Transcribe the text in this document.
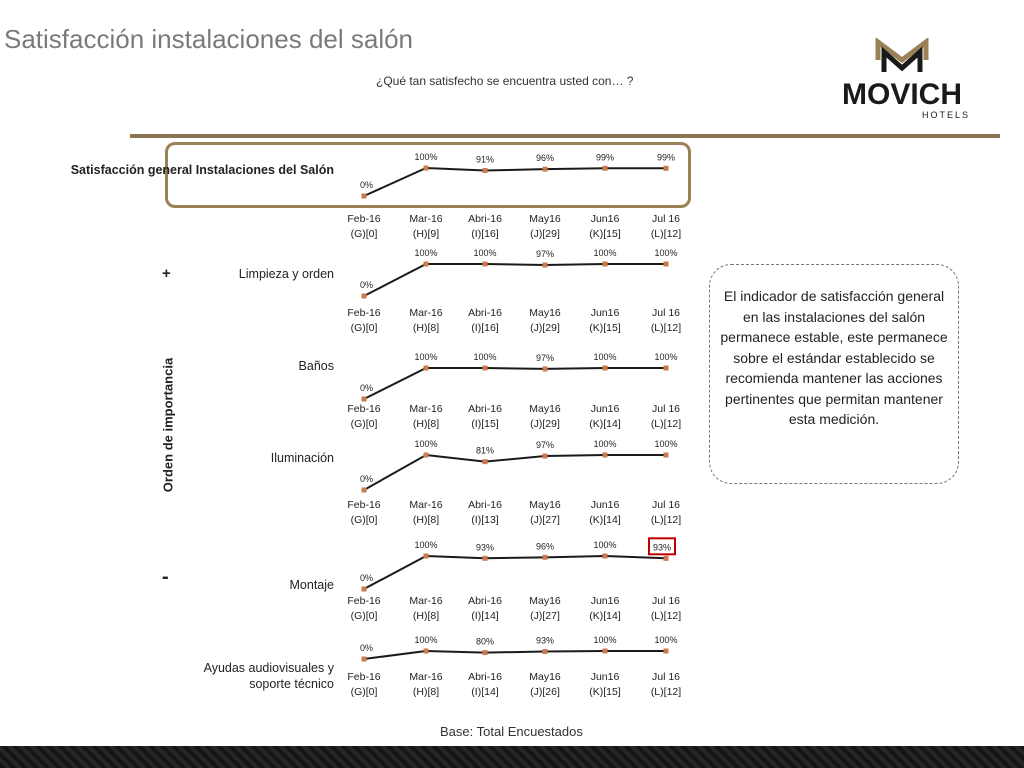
Satisfacción instalaciones del salón
¿Qué tan satisfecho se encuentra usted con… ?	MOVICH
HOTELS
Satisfacción general Instalaciones del Salón
Limpieza y orden
Baños
Iluminación
Montaje
Ayudas audiovisuales y soporte técnico
Orden de importancia
+
-
El indicador de satisfacción general en las instalaciones del salón permanece estable, este permanece sobre el estándar establecido se recomienda mantener las acciones pertinentes que permitan mantener esta medición.
Base: Total Encuestados
0%
Feb-16
(G)[0]
100%
Mar-16
(H)[9]
91%
Abri-16
(I)[16]
96%
May16
(J)[29]
99%
Jun16
(K)[15]
99%
Jul 16
(L)[12]
0%
Feb-16
(G)[0]
100%
Mar-16
(H)[8]
100%
Abri-16
(I)[16]
97%
May16
(J)[29]
100%
Jun16
(K)[15]
100%
Jul 16
(L)[12]
0%
Feb-16
(G)[0]
100%
Mar-16
(H)[8]
100%
Abri-16
(I)[15]
97%
May16
(J)[29]
100%
Jun16
(K)[14]
100%
Jul 16
(L)[12]
0%
Feb-16
(G)[0]
100%
Mar-16
(H)[8]
81%
Abri-16
(I)[13]
97%
May16
(J)[27]
100%
Jun16
(K)[14]
100%
Jul 16
(L)[12]
0%
Feb-16
(G)[0]
100%
Mar-16
(H)[8]
93%
Abri-16
(I)[14]
96%
May16
(J)[27]
100%
Jun16
(K)[14]
93%
Jul 16
(L)[12]
0%
Feb-16
(G)[0]
100%
Mar-16
(H)[8]
80%
Abri-16
(I)[14]
93%
May16
(J)[26]
100%
Jun16
(K)[15]
100%
Jul 16
(L)[12]
